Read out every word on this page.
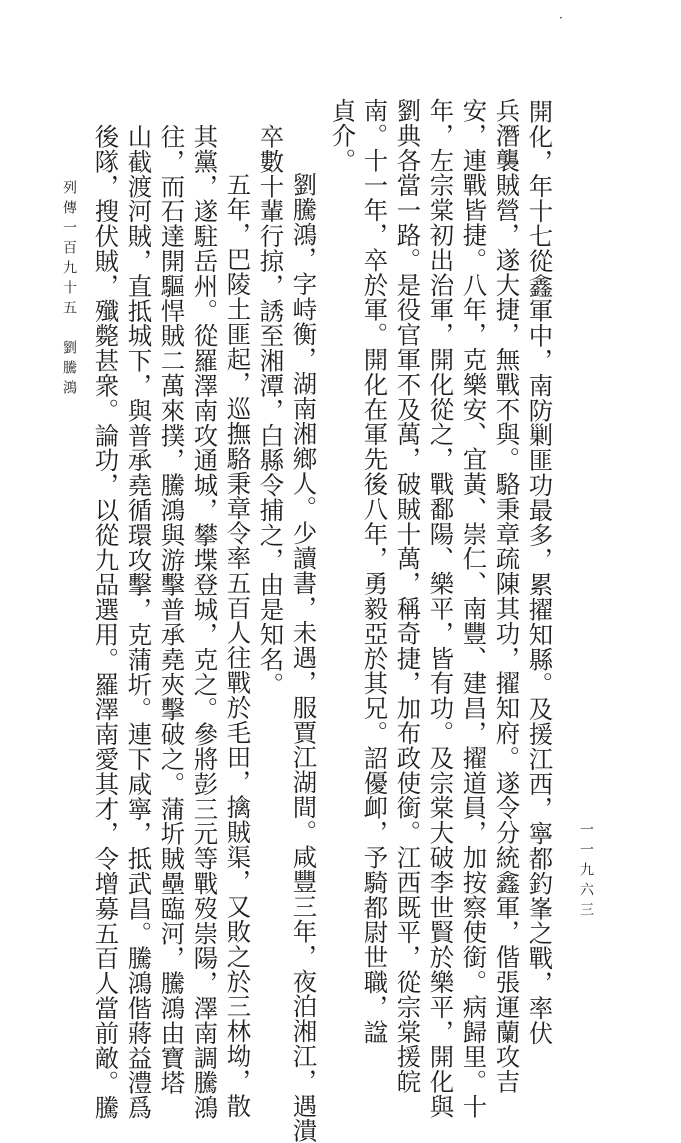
·

開化，年十七從鑫軍中，南防剿匪功最多，累擢知縣。及援江西，寧都釣峯之戰，率伏

兵潛襲賊營，遂大捷，無戰不與。駱秉章疏陳其功，擢知府。遂令分統鑫軍，偕張運蘭攻吉

安，連戰皆捷。八年，克樂安、宜黃、崇仁、南豐、建昌，擢道員，加按察使銜。病歸里。十

年，左宗棠初出治軍，開化從之，戰鄱陽、樂平，皆有功。及宗棠大破李世賢於樂平，開化與

劉典各當一路。是役官軍不及萬，破賊十萬，稱奇捷，加布政使銜。江西既平，從宗棠援皖

南。十一年，卒於軍。開化在軍先後八年，勇毅亞於其兄。詔優卹，予騎都尉世職，諡

貞介。

劉騰鴻，字峙衡，湖南湘鄉人。少讀書，未遇，服賈江湖間。咸豐三年，夜泊湘江，遇潰

卒數十輩行掠，誘至湘潭，白縣令捕之，由是知名。

五年，巴陵土匪起，巡撫駱秉章令率五百人往戰於毛田，擒賊渠，又敗之於三林坳，散

其黨，遂駐岳州。從羅澤南攻通城，攀堞登城，克之。參將彭三元等戰歿崇陽，澤南調騰鴻

往，而石達開驅悍賊二萬來撲，騰鴻與游擊普承堯夾擊破之。蒲圻賊壘臨河，騰鴻由寶塔

山截渡河賊，直抵城下，與普承堯循環攻擊，克蒲圻。連下咸寧，抵武昌。騰鴻偕蔣益澧爲

後隊，搜伏賊，殲斃甚衆。論功，以從九品選用。羅澤南愛其才，令增募五百人當前敵。騰

列傳一百九十五　劉騰鴻
一一九六三
